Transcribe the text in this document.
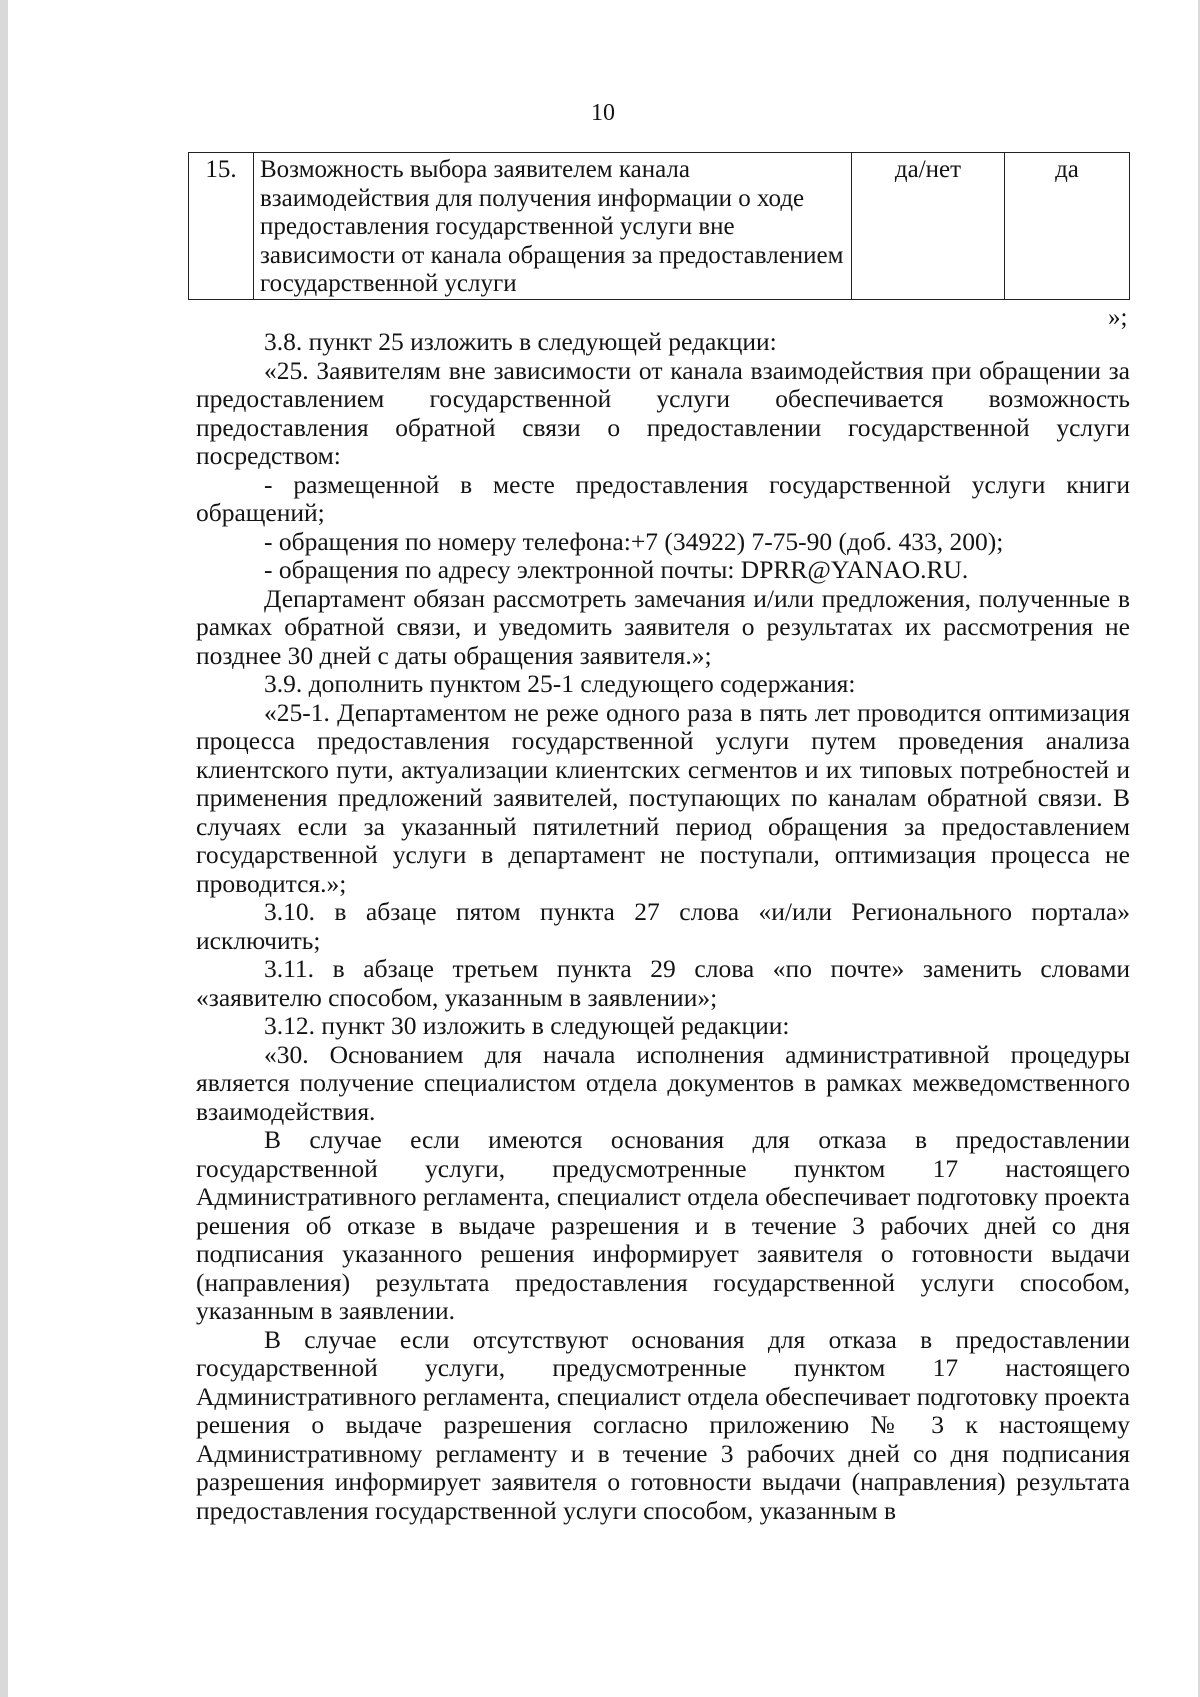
10
15.	Возможность выбора заявителем канала взаимодействия для получения информации о ходе предоставления государственной услуги вне зависимости от канала обращения за предоставлением государственной услуги	да/нет	да
»;

3.8. пункт 25 изложить в следующей редакции:

«25. Заявителям вне зависимости от канала взаимодействия при обращении за предоставлением государственной услуги обеспечивается возможность предоставления обратной связи о предоставлении государственной услуги посредством:

- размещенной в месте предоставления государственной услуги книги обращений;

- обращения по номеру телефона:+7 (34922) 7-75-90 (доб. 433, 200);

- обращения по адресу электронной почты: DPRR@YANAO.RU.

Департамент обязан рассмотреть замечания и/или предложения, полученные в рамках обратной связи, и уведомить заявителя о результатах их рассмотрения не позднее 30 дней с даты обращения заявителя.»;

3.9. дополнить пунктом 25-1 следующего содержания:

«25-1. Департаментом не реже одного раза в пять лет проводится оптимизация процесса предоставления государственной услуги путем проведения анализа клиентского пути, актуализации клиентских сегментов и их типовых потребностей и применения предложений заявителей, поступающих по каналам обратной связи. В случаях если за указанный пятилетний период обращения за предоставлением государственной услуги в департамент не поступали, оптимизация процесса не проводится.»;

3.10. в абзаце пятом пункта 27 слова «и/или Регионального портала» исключить;

3.11. в абзаце третьем пункта 29 слова «по почте» заменить словами «заявителю способом, указанным в заявлении»;

3.12. пункт 30 изложить в следующей редакции:

«30. Основанием для начала исполнения административной процедуры является получение специалистом отдела документов в рамках межведомственного взаимодействия.

В случае если имеются основания для отказа в предоставлении государственной услуги, предусмотренные пунктом 17 настоящего Административного регламента, специалист отдела обеспечивает подготовку проекта решения об отказе в выдаче разрешения и в течение 3 рабочих дней со дня подписания указанного решения информирует заявителя о готовности выдачи (направления) результата предоставления государственной услуги способом, указанным в заявлении.

В случае если отсутствуют основания для отказа в предоставлении государственной услуги, предусмотренные пунктом 17 настоящего Административного регламента, специалист отдела обеспечивает подготовку проекта решения о выдаче разрешения согласно приложению № 3 к настоящему Административному регламенту и в течение 3 рабочих дней со дня подписания разрешения информирует заявителя о готовности выдачи (направления) результата предоставления государственной услуги способом, указанным в
